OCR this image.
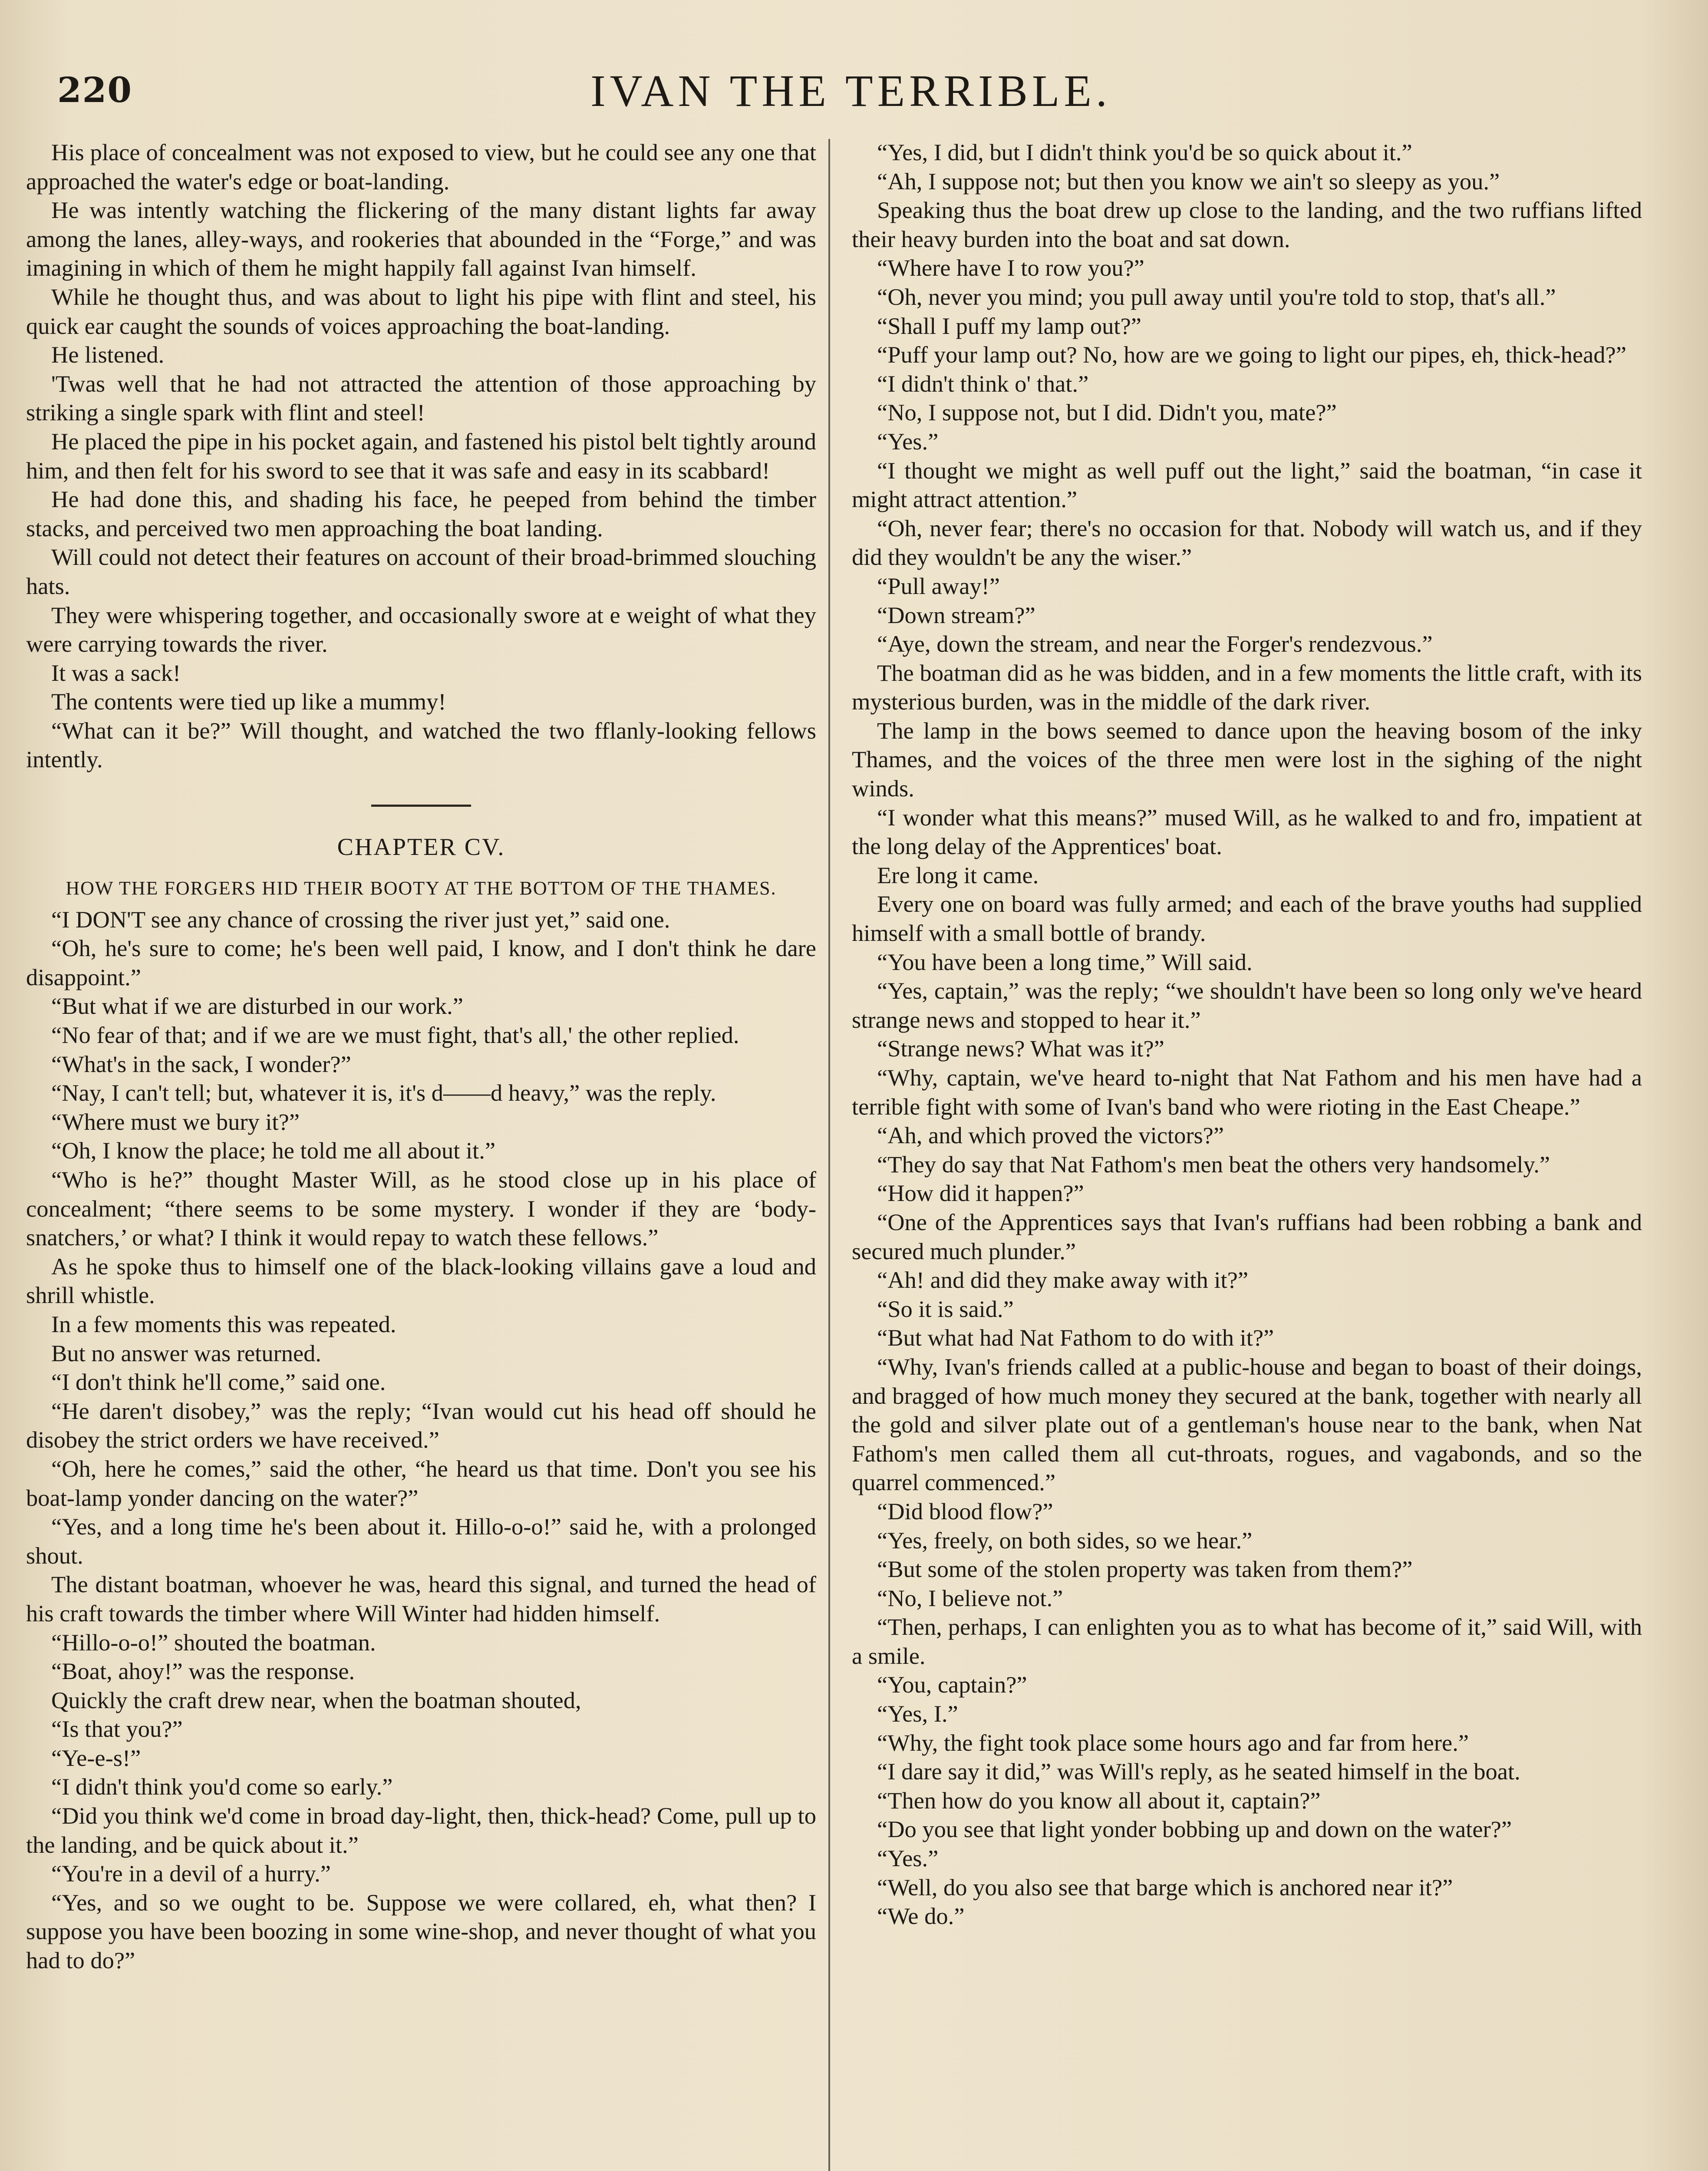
220	IVAN THE TERRIBLE.

His place of concealment was not exposed to view, but he could see any one that approached the water's edge or boat-landing.

He was intently watching the flickering of the many distant lights far away among the lanes, alley-ways, and rookeries that abounded in the “Forge,” and was imagining in which of them he might happily fall against Ivan himself.

While he thought thus, and was about to light his pipe with flint and steel, his quick ear caught the sounds of voices approaching the boat-landing.

He listened.

'Twas well that he had not attracted the attention of those approaching by striking a single spark with flint and steel!

He placed the pipe in his pocket again, and fastened his pistol belt tightly around him, and then felt for his sword to see that it was safe and easy in its scabbard!

He had done this, and shading his face, he peeped from behind the timber stacks, and perceived two men approaching the boat landing.

Will could not detect their features on account of their broad-brimmed slouching hats.

They were whispering together, and occasionally swore at e weight of what they were carrying towards the river.

It was a sack!

The contents were tied up like a mummy!

“What can it be?” Will thought, and watched the two fflanly-looking fellows intently.

CHAPTER CV.
HOW THE FORGERS HID THEIR BOOTY AT THE BOTTOM OF THE THAMES.

“I DON'T see any chance of crossing the river just yet,” said one.

“Oh, he's sure to come; he's been well paid, I know, and I don't think he dare disappoint.”

“But what if we are disturbed in our work.”

“No fear of that; and if we are we must fight, that's all,' the other replied.

“What's in the sack, I wonder?”

“Nay, I can't tell; but, whatever it is, it's d——d heavy,” was the reply.

“Where must we bury it?”

“Oh, I know the place; he told me all about it.”

“Who is he?” thought Master Will, as he stood close up in his place of concealment; “there seems to be some mystery. I wonder if they are ‘body-snatchers,’ or what? I think it would repay to watch these fellows.”

As he spoke thus to himself one of the black-looking villains gave a loud and shrill whistle.

In a few moments this was repeated.

But no answer was returned.

“I don't think he'll come,” said one.

“He daren't disobey,” was the reply; “Ivan would cut his head off should he disobey the strict orders we have received.”

“Oh, here he comes,” said the other, “he heard us that time. Don't you see his boat-lamp yonder dancing on the water?”

“Yes, and a long time he's been about it. Hillo-o-o!” said he, with a prolonged shout.

The distant boatman, whoever he was, heard this signal, and turned the head of his craft towards the timber where Will Winter had hidden himself.

“Hillo-o-o!” shouted the boatman.

“Boat, ahoy!” was the response.

Quickly the craft drew near, when the boatman shouted,

“Is that you?”

“Ye-e-s!”

“I didn't think you'd come so early.”

“Did you think we'd come in broad day-light, then, thick-head? Come, pull up to the landing, and be quick about it.”

“You're in a devil of a hurry.”

“Yes, and so we ought to be. Suppose we were collared, eh, what then? I suppose you have been boozing in some wine-shop, and never thought of what you had to do?”

“Yes, I did, but I didn't think you'd be so quick about it.”

“Ah, I suppose not; but then you know we ain't so sleepy as you.”

Speaking thus the boat drew up close to the landing, and the two ruffians lifted their heavy burden into the boat and sat down.

“Where have I to row you?”

“Oh, never you mind; you pull away until you're told to stop, that's all.”

“Shall I puff my lamp out?”

“Puff your lamp out? No, how are we going to light our pipes, eh, thick-head?”

“I didn't think o' that.”

“No, I suppose not, but I did. Didn't you, mate?”

“Yes.”

“I thought we might as well puff out the light,” said the boatman, “in case it might attract attention.”

“Oh, never fear; there's no occasion for that. Nobody will watch us, and if they did they wouldn't be any the wiser.”

“Pull away!”

“Down stream?”

“Aye, down the stream, and near the Forger's rendezvous.”

The boatman did as he was bidden, and in a few moments the little craft, with its mysterious burden, was in the middle of the dark river.

The lamp in the bows seemed to dance upon the heaving bosom of the inky Thames, and the voices of the three men were lost in the sighing of the night winds.

“I wonder what this means?” mused Will, as he walked to and fro, impatient at the long delay of the Apprentices' boat.

Ere long it came.

Every one on board was fully armed; and each of the brave youths had supplied himself with a small bottle of brandy.

“You have been a long time,” Will said.

“Yes, captain,” was the reply; “we shouldn't have been so long only we've heard strange news and stopped to hear it.”

“Strange news? What was it?”

“Why, captain, we've heard to-night that Nat Fathom and his men have had a terrible fight with some of Ivan's band who were rioting in the East Cheape.”

“Ah, and which proved the victors?”

“They do say that Nat Fathom's men beat the others very handsomely.”

“How did it happen?”

“One of the Apprentices says that Ivan's ruffians had been robbing a bank and secured much plunder.”

“Ah! and did they make away with it?”

“So it is said.”

“But what had Nat Fathom to do with it?”

“Why, Ivan's friends called at a public-house and began to boast of their doings, and bragged of how much money they secured at the bank, together with nearly all the gold and silver plate out of a gentleman's house near to the bank, when Nat Fathom's men called them all cut-throats, rogues, and vagabonds, and so the quarrel commenced.”

“Did blood flow?”

“Yes, freely, on both sides, so we hear.”

“But some of the stolen property was taken from them?”

“No, I believe not.”

“Then, perhaps, I can enlighten you as to what has become of it,” said Will, with a smile.

“You, captain?”

“Yes, I.”

“Why, the fight took place some hours ago and far from here.”

“I dare say it did,” was Will's reply, as he seated himself in the boat.

“Then how do you know all about it, captain?”

“Do you see that light yonder bobbing up and down on the water?”

“Yes.”

“Well, do you also see that barge which is anchored near it?”

“We do.”
